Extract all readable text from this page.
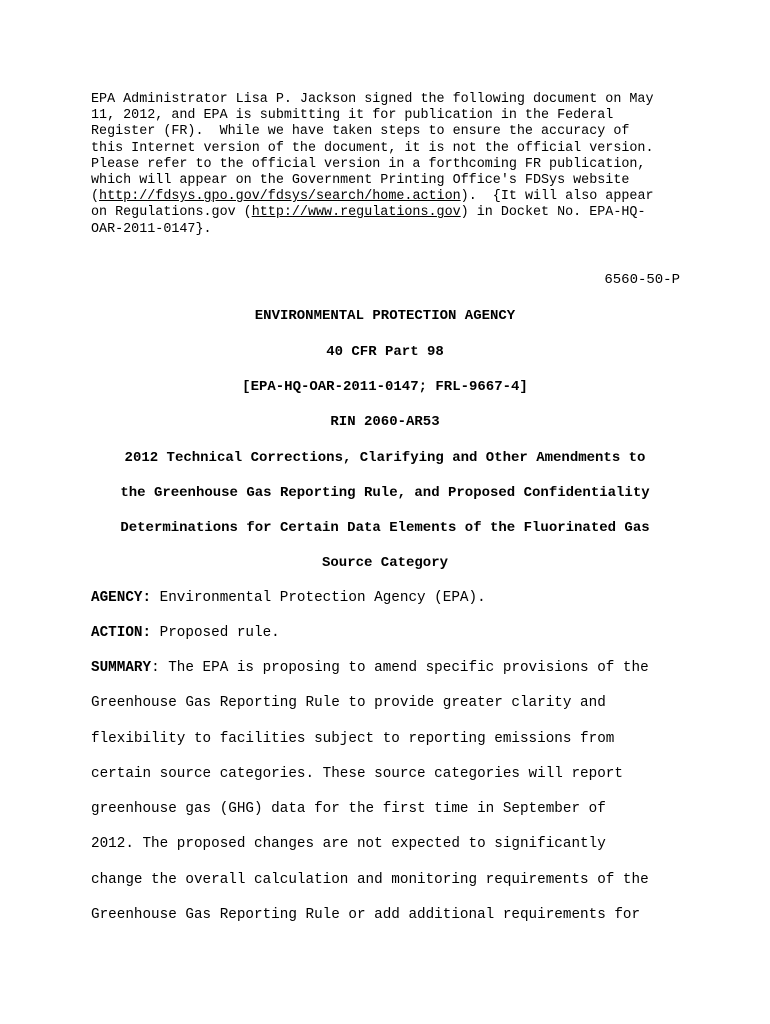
EPA Administrator Lisa P. Jackson signed the following document on May
11, 2012, and EPA is submitting it for publication in the Federal
Register (FR).  While we have taken steps to ensure the accuracy of
this Internet version of the document, it is not the official version.
Please refer to the official version in a forthcoming FR publication,
which will appear on the Government Printing Office's FDSys website
(http://fdsys.gpo.gov/fdsys/search/home.action).  {It will also appear
on Regulations.gov (http://www.regulations.gov) in Docket No. EPA-HQ-
OAR-2011-0147}.
6560-50-P
ENVIRONMENTAL PROTECTION AGENCY
40 CFR Part 98
[EPA-HQ-OAR-2011-0147; FRL-9667-4]
RIN 2060-AR53
2012 Technical Corrections, Clarifying and Other Amendments to
the Greenhouse Gas Reporting Rule, and Proposed Confidentiality
Determinations for Certain Data Elements of the Fluorinated Gas
Source Category
AGENCY: Environmental Protection Agency (EPA).
ACTION: Proposed rule.
SUMMARY: The EPA is proposing to amend specific provisions of the
Greenhouse Gas Reporting Rule to provide greater clarity and
flexibility to facilities subject to reporting emissions from
certain source categories. These source categories will report
greenhouse gas (GHG) data for the first time in September of
2012. The proposed changes are not expected to significantly
change the overall calculation and monitoring requirements of the
Greenhouse Gas Reporting Rule or add additional requirements for
